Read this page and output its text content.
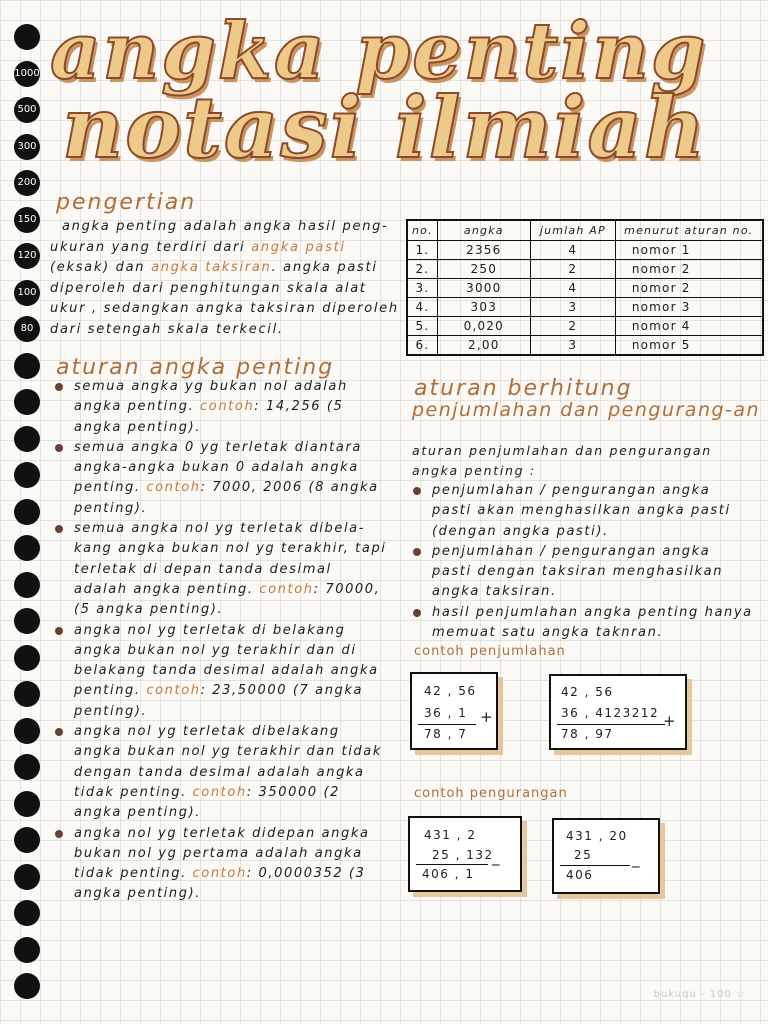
1000
500
300
200
150
120
100
80
angka penting
notasi ilmiah
pengertian
angka penting adalah angka hasil peng-
ukuran yang terdiri dari angka pasti
(eksak) dan angka taksiran. angka pasti
diperoleh dari penghitungan skala alat
ukur , sedangkan angka taksiran diperoleh
dari setengah skala terkecil.
no.	angka	jumlah AP	menurut aturan no.
1.	2356	4	nomor 1
2.	250	2	nomor 2
3.	3000	4	nomor 2
4.	303	3	nomor 3
5.	0,020	2	nomor 4
6.	2,00	3	nomor 5
aturan angka penting
semua angka yg bukan nol adalah angka penting. contoh: 14,256 (5 angka penting).
semua angka 0 yg terletak diantara angka-angka bukan 0 adalah angka penting. contoh: 7000, 2006 (8 angka penting).
semua angka nol yg terletak dibela-kang angka bukan nol yg terakhir, tapi terletak di depan tanda desimal adalah angka penting. contoh: 70000, (5 angka penting).
angka nol yg terletak di belakang angka bukan nol yg terakhir dan di belakang tanda desimal adalah angka penting. contoh: 23,50000 (7 angka penting).
angka nol yg terletak dibelakang angka bukan nol yg terakhir dan tidak dengan tanda desimal adalah angka tidak penting. contoh: 350000 (2 angka penting).
angka nol yg terletak didepan angka bukan nol yg pertama adalah angka tidak penting. contoh: 0,0000352 (3 angka penting).
aturan berhitung
penjumlahan dan pengurang-an
aturan penjumlahan dan pengurangan angka penting :
penjumlahan / pengurangan angka pasti akan menghasilkan angka pasti (dengan angka pasti).
penjumlahan / pengurangan angka pasti dengan taksiran menghasilkan angka taksiran.
hasil penjumlahan angka penting hanya memuat satu angka taknran.
contoh penjumlahan
42 , 56
36 , 1
78 , 7
+
42 , 56
36 , 4123212
78 , 97
+
contoh pengurangan
431 , 2
25 , 132
406 , 1
_
431 , 20
25
406
_
bukuqu - 100 ☆
